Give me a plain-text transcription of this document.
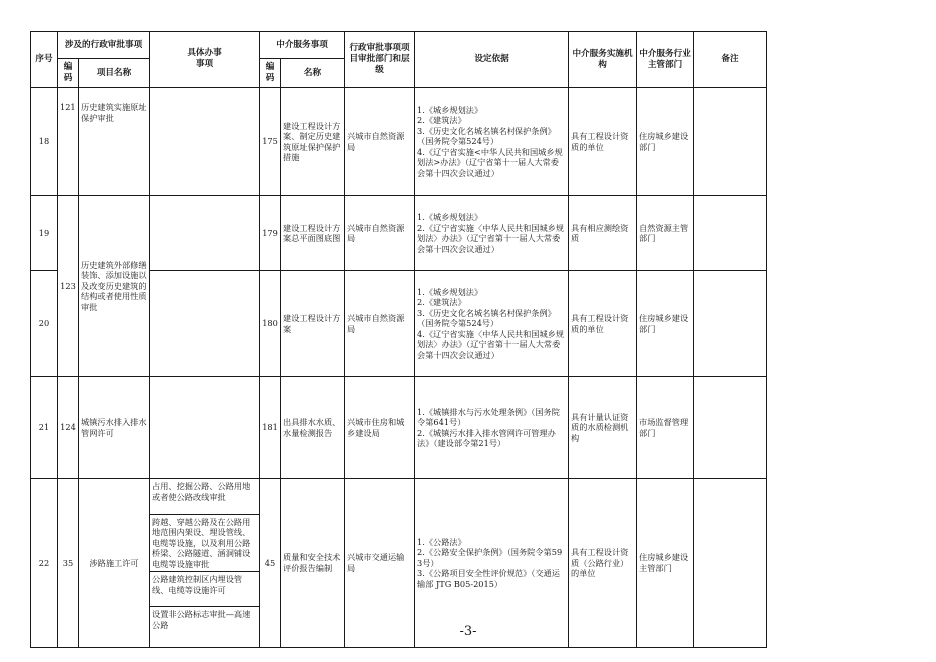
序号	涉及的行政审批事项	具体办事事项	中介服务事项	行政审批事项项目审批部门和层级	设定依据	中介服务实施机构	中介服务行业主管部门	备注
编码	项目名称	编码	名称
18	121	历史建筑实施原址保护审批		175	建设工程设计方案、制定历史建筑原址保护保护措施	兴城市自然资源局	
1.《城乡规划法》
2.《建筑法》
3.《历史文化名城名镇名村保护条例》（国务院令第524号）
4.《辽宁省实施<中华人民共和国城乡规划法>办法》（辽宁省第十一届人大常委会第十四次会议通过）
	具有工程设计资质的单位	住房城乡建设部门	
19	123	历史建筑外部修缮装饰、添加设施以及改变历史建筑的结构或者使用性质审批		179	建设工程设计方案总平面图底图	兴城市自然资源局	
1.《城乡规划法》
2.《辽宁省实施〈中华人民共和国城乡规划法〉办法》（辽宁省第十一届人大常委会第十四次会议通过）
	具有相应测绘资质	自然资源主管部门	
20		180	建设工程设计方案	兴城市自然资源局	
1.《城乡规划法》
2.《建筑法》
3.《历史文化名城名镇名村保护条例》（国务院令第524号）
4.《辽宁省实施〈中华人民共和国城乡规划法〉办法》（辽宁省第十一届人大常委会第十四次会议通过）
	具有工程设计资质的单位	住房城乡建设部门	
21	124	城镇污水排入排水管网许可		181	出具排水水质、水量检测报告	兴城市住房和城乡建设局	
1.《城镇排水与污水处理条例》（国务院令第641号）
2.《城镇污水排入排水管网许可管理办法》（建设部令第21号）
	具有计量认证资质的水质检测机构	市场监督管理部门	
22	35	涉路施工许可	
占用、挖掘公路、公路用地或者使公路改线审批
跨越、穿越公路及在公路用地范围内架设、埋设管线、电缆等设施，以及利用公路桥梁、公路隧道、涵洞铺设电缆等设施审批
公路建筑控制区内埋设管线、电缆等设施许可
设置非公路标志审批—高速公路
	45	质量和安全技术评价报告编制	兴城市交通运输局	
1.《公路法》
2.《公路安全保护条例》（国务院令第593号）
3.《公路项目安全性评价规范》（交通运输部 JTG B05-2015）
	具有工程设计资质（公路行业）的单位	住房城乡建设主管部门	
-3-
